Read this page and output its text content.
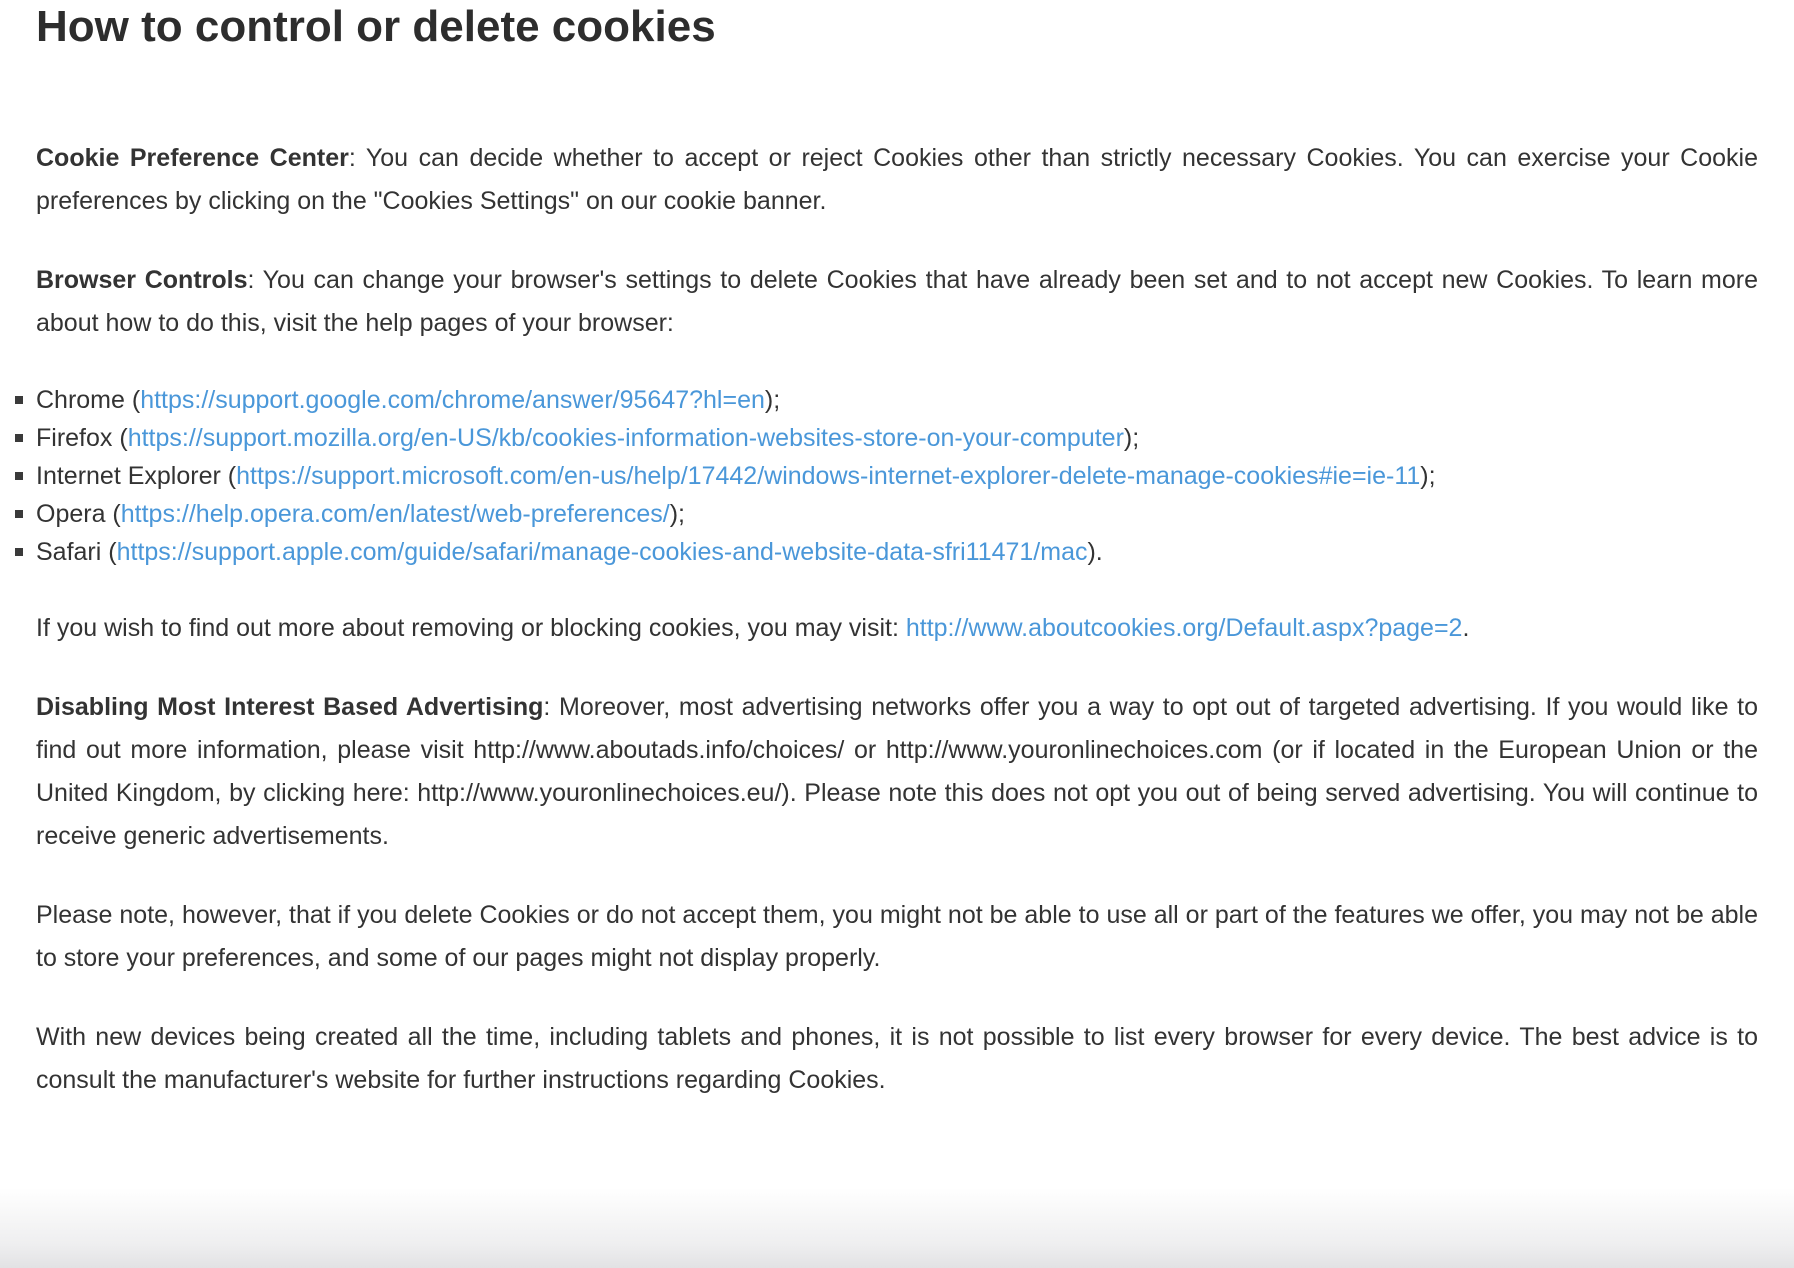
How to control or delete cookies

Cookie Preference Center: You can decide whether to accept or reject Cookies other than strictly necessary Cookies. You can exercise your Cookie preferences by clicking on the "Cookies Settings" on our cookie banner.

Browser Controls: You can change your browser's settings to delete Cookies that have already been set and to not accept new Cookies. To learn more about how to do this, visit the help pages of your browser:

Chrome (https://support.google.com/chrome/answer/95647?hl=en);
Firefox (https://support.mozilla.org/en-US/kb/cookies-information-websites-store-on-your-computer);
Internet Explorer (https://support.microsoft.com/en-us/help/17442/windows-internet-explorer-delete-manage-cookies#ie=ie-11);
Opera (https://help.opera.com/en/latest/web-preferences/);
Safari (https://support.apple.com/guide/safari/manage-cookies-and-website-data-sfri11471/mac).

If you wish to find out more about removing or blocking cookies, you may visit: http://www.aboutcookies.org/Default.aspx?page=2.

Disabling Most Interest Based Advertising: Moreover, most advertising networks offer you a way to opt out of targeted advertising. If you would like to find out more information, please visit http://www.aboutads.info/choices/ or http://www.youronlinechoices.com (or if located in the European Union or the United Kingdom, by clicking here: http://www.youronlinechoices.eu/). Please note this does not opt you out of being served advertising. You will continue to receive generic advertisements.

Please note, however, that if you delete Cookies or do not accept them, you might not be able to use all or part of the features we offer, you may not be able to store your preferences, and some of our pages might not display properly.

With new devices being created all the time, including tablets and phones, it is not possible to list every browser for every device. The best advice is to consult the manufacturer's website for further instructions regarding Cookies.
